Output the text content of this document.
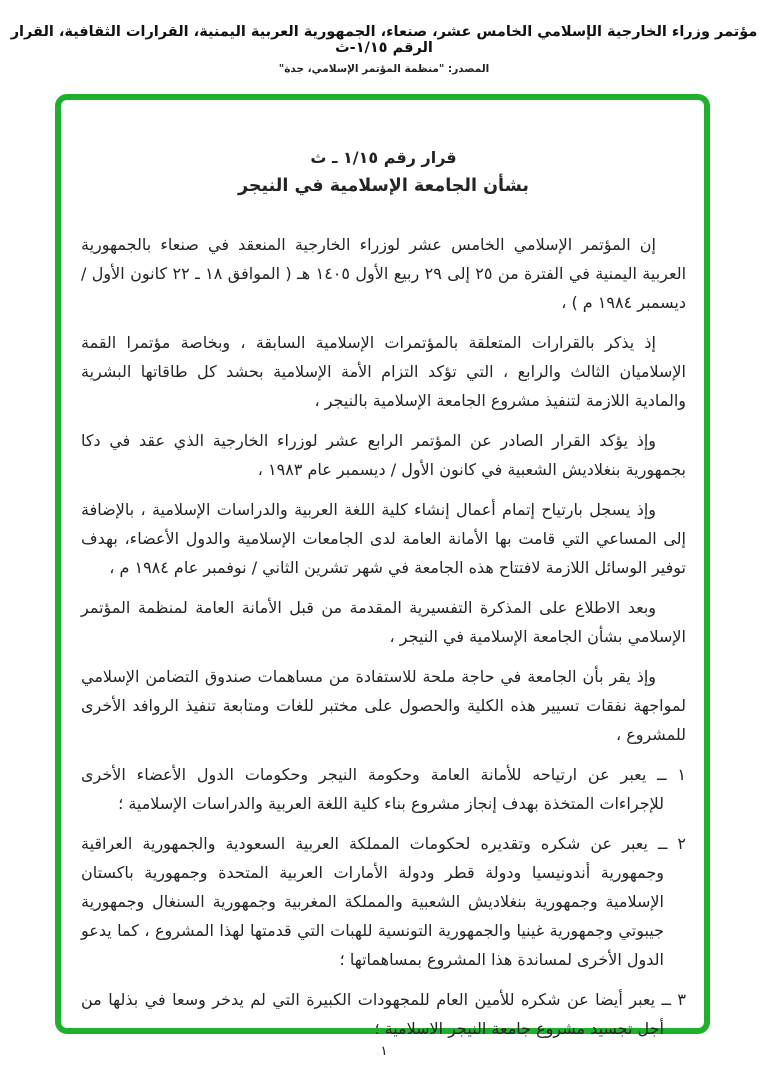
مؤتمر وزراء الخارجية الإسلامي الخامس عشر، صنعاء، الجمهورية العربية اليمنية، القرارات الثقافية، القرار الرقم ١/١٥-ث
المصدر: "منظمة المؤتمر الإسلامي، جدة"
قرار رقم ١/١٥ ـ ث
بشأن الجامعة الإسلامية في النيجر

إن المؤتمر الإسلامي الخامس عشر لوزراء الخارجية المنعقد في صنعاء بالجمهورية العربية اليمنية في الفترة من ٢٥ إلى ٢٩ ربيع الأول ١٤٠٥ هـ ( الموافق ١٨ ـ ٢٢ كانون الأول / ديسمبر ١٩٨٤ م ) ،

إذ يذكر بالقرارات المتعلقة بالمؤتمرات الإسلامية السابقة ، وبخاصة مؤتمرا القمة الإسلاميان الثالث والرابع ، التي تؤكد التزام الأمة الإسلامية بحشد كل طاقاتها البشرية والمادية اللازمة لتنفيذ مشروع الجامعة الإسلامية بالنيجر ،

وإذ يؤكد القرار الصادر عن المؤتمر الرابع عشر لوزراء الخارجية الذي عقد في دكا بجمهورية بنغلاديش الشعبية في كانون الأول / ديسمبر عام ١٩٨٣ ،

وإذ يسجل بارتياح إتمام أعمال إنشاء كلية اللغة العربية والدراسات الإسلامية ، بالإضافة إلى المساعي التي قامت بها الأمانة العامة لدى الجامعات الإسلامية والدول الأعضاء، بهدف توفير الوسائل اللازمة لافتتاح هذه الجامعة في شهر تشرين الثاني / نوفمبر عام ١٩٨٤ م ،

وبعد الاطلاع على المذكرة التفسيرية المقدمة من قبل الأمانة العامة لمنظمة المؤتمر الإسلامي بشأن الجامعة الإسلامية في النيجر ،

وإذ يقر بأن الجامعة في حاجة ملحة للاستفادة من مساهمات صندوق التضامن الإسلامي لمواجهة نفقات تسيير هذه الكلية والحصول على مختبر للغات ومتابعة تنفيذ الروافد الأخرى للمشروع ،

١ ــ يعبر عن ارتياحه للأمانة العامة وحكومة النيجر وحكومات الدول الأعضاء الأخرى للإجراءات المتخذة بهدف إنجاز مشروع بناء كلية اللغة العربية والدراسات الإسلامية ؛

٢ ــ يعبر عن شكره وتقديره لحكومات المملكة العربية السعودية والجمهورية العراقية وجمهورية أندونيسيا ودولة قطر ودولة الأمارات العربية المتحدة وجمهورية باكستان الإسلامية وجمهورية بنغلاديش الشعبية والمملكة المغربية وجمهورية السنغال وجمهورية جيبوتي وجمهورية غينيا والجمهورية التونسية للهبات التي قدمتها لهذا المشروع ، كما يدعو الدول الأخرى لمساندة هذا المشروع بمساهماتها ؛

٣ ــ يعبر أيضا عن شكره للأمين العام للمجهودات الكبيرة التي لم يدخر وسعا في بذلها من أجل تجسيد مشروع جامعة النيجر الاسلامية ؛

١
